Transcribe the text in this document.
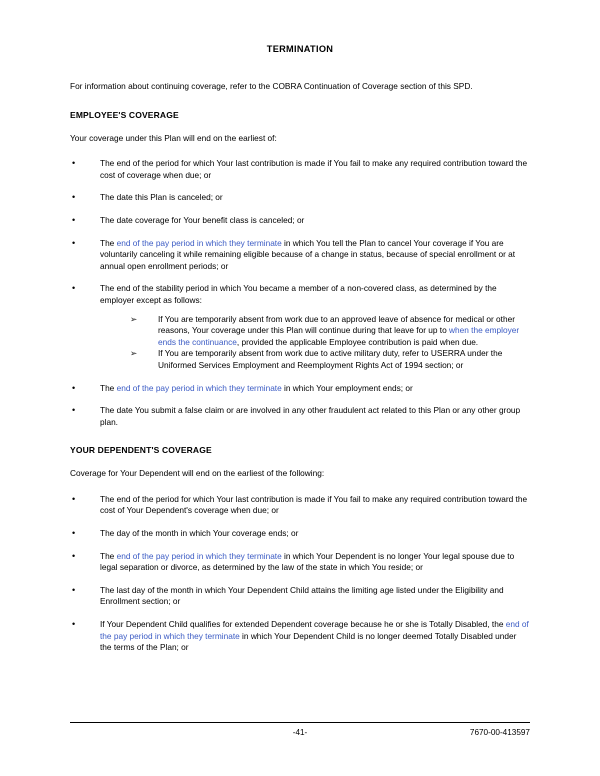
TERMINATION

For information about continuing coverage, refer to the COBRA Continuation of Coverage section of this SPD.

EMPLOYEE'S COVERAGE

Your coverage under this Plan will end on the earliest of:

•	The end of the period for which Your last contribution is made if You fail to make any required contribution toward the cost of coverage when due; or
•	The date this Plan is canceled; or
•	The date coverage for Your benefit class is canceled; or
•	The end of the pay period in which they terminate in which You tell the Plan to cancel Your coverage if You are voluntarily canceling it while remaining eligible because of a change in status, because of special enrollment or at annual open enrollment periods; or
•	The end of the stability period in which You became a member of a non-covered class, as determined by the employer except as follows:
➢	If You are temporarily absent from work due to an approved leave of absence for medical or other reasons, Your coverage under this Plan will continue during that leave for up to when the employer ends the continuance, provided the applicable Employee contribution is paid when due.
➢	If You are temporarily absent from work due to active military duty, refer to USERRA under the Uniformed Services Employment and Reemployment Rights Act of 1994 section; or
•	The end of the pay period in which they terminate in which Your employment ends; or
•	The date You submit a false claim or are involved in any other fraudulent act related to this Plan or any other group plan.
YOUR DEPENDENT'S COVERAGE

Coverage for Your Dependent will end on the earliest of the following:

•	The end of the period for which Your last contribution is made if You fail to make any required contribution toward the cost of Your Dependent's coverage when due; or
•	The day of the month in which Your coverage ends; or
•	The end of the pay period in which they terminate in which Your Dependent is no longer Your legal spouse due to legal separation or divorce, as determined by the law of the state in which You reside; or
•	The last day of the month in which Your Dependent Child attains the limiting age listed under the Eligibility and Enrollment section; or
•	If Your Dependent Child qualifies for extended Dependent coverage because he or she is Totally Disabled, the end of the pay period in which they terminate in which Your Dependent Child is no longer deemed Totally Disabled under the terms of the Plan; or
-41-	7670-00-413597
